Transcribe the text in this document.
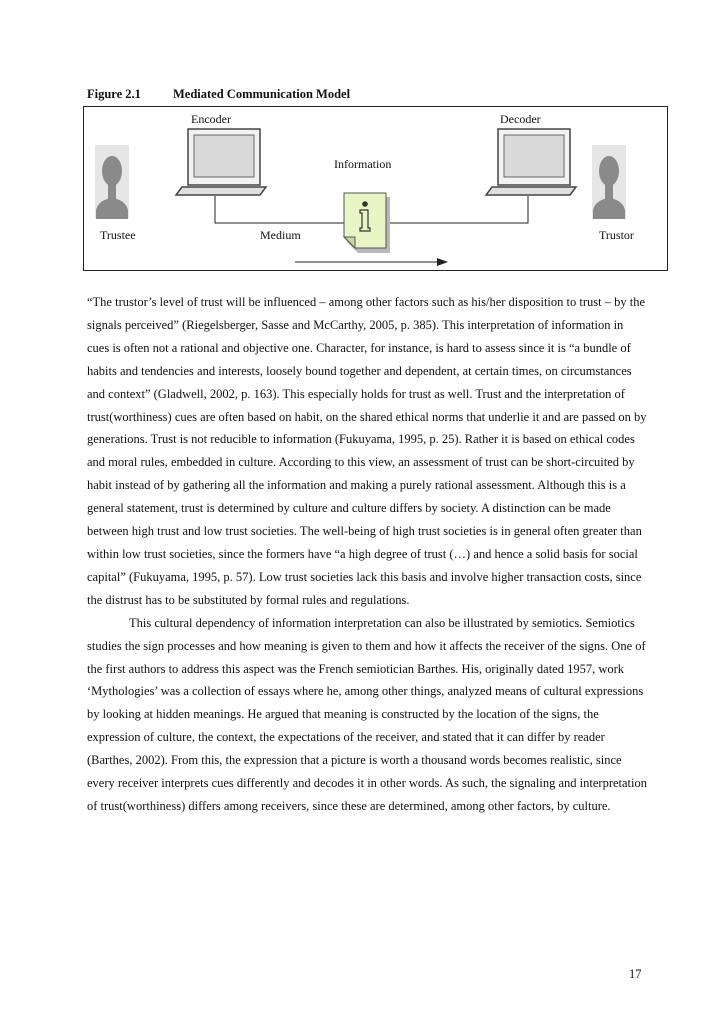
Figure 2.1	Mediated Communication Model
Encoder	Decoder
Information
Trustee	Medium	Trustor

“The trustor’s level of trust will be influenced – among other factors such as his/her disposition to trust – by the signals perceived” (Riegelsberger, Sasse and McCarthy, 2005, p. 385). This interpretation of information in cues is often not a rational and objective one. Character, for instance, is hard to assess since it is “a bundle of habits and tendencies and interests, loosely bound together and dependent, at certain times, on circumstances and context” (Gladwell, 2002, p. 163). This especially holds for trust as well. Trust and the interpretation of trust(worthiness) cues are often based on habit, on the shared ethical norms that underlie it and are passed on by generations. Trust is not reducible to information (Fukuyama, 1995, p. 25). Rather it is based on ethical codes and moral rules, embedded in culture. According to this view, an assessment of trust can be short-circuited by habit instead of by gathering all the information and making a purely rational assessment. Although this is a general statement, trust is determined by culture and culture differs by society. A distinction can be made between high trust and low trust societies. The well-being of high trust societies is in general often greater than within low trust societies, since the formers have “a high degree of trust (…) and hence a solid basis for social capital” (Fukuyama, 1995, p. 57). Low trust societies lack this basis and involve higher transaction costs, since the distrust has to be substituted by formal rules and regulations.

This cultural dependency of information interpretation can also be illustrated by semiotics. Semiotics studies the sign processes and how meaning is given to them and how it affects the receiver of the signs. One of the first authors to address this aspect was the French semiotician Barthes. His, originally dated 1957, work ‘Mythologies’ was a collection of essays where he, among other things, analyzed means of cultural expressions by looking at hidden meanings. He argued that meaning is constructed by the location of the signs, the expression of culture, the context, the expectations of the receiver, and stated that it can differ by reader (Barthes, 2002). From this, the expression that a picture is worth a thousand words becomes realistic, since every receiver interprets cues differently and decodes it in other words. As such, the signaling and interpretation of trust(worthiness) differs among receivers, since these are determined, among other factors, by culture.

17
